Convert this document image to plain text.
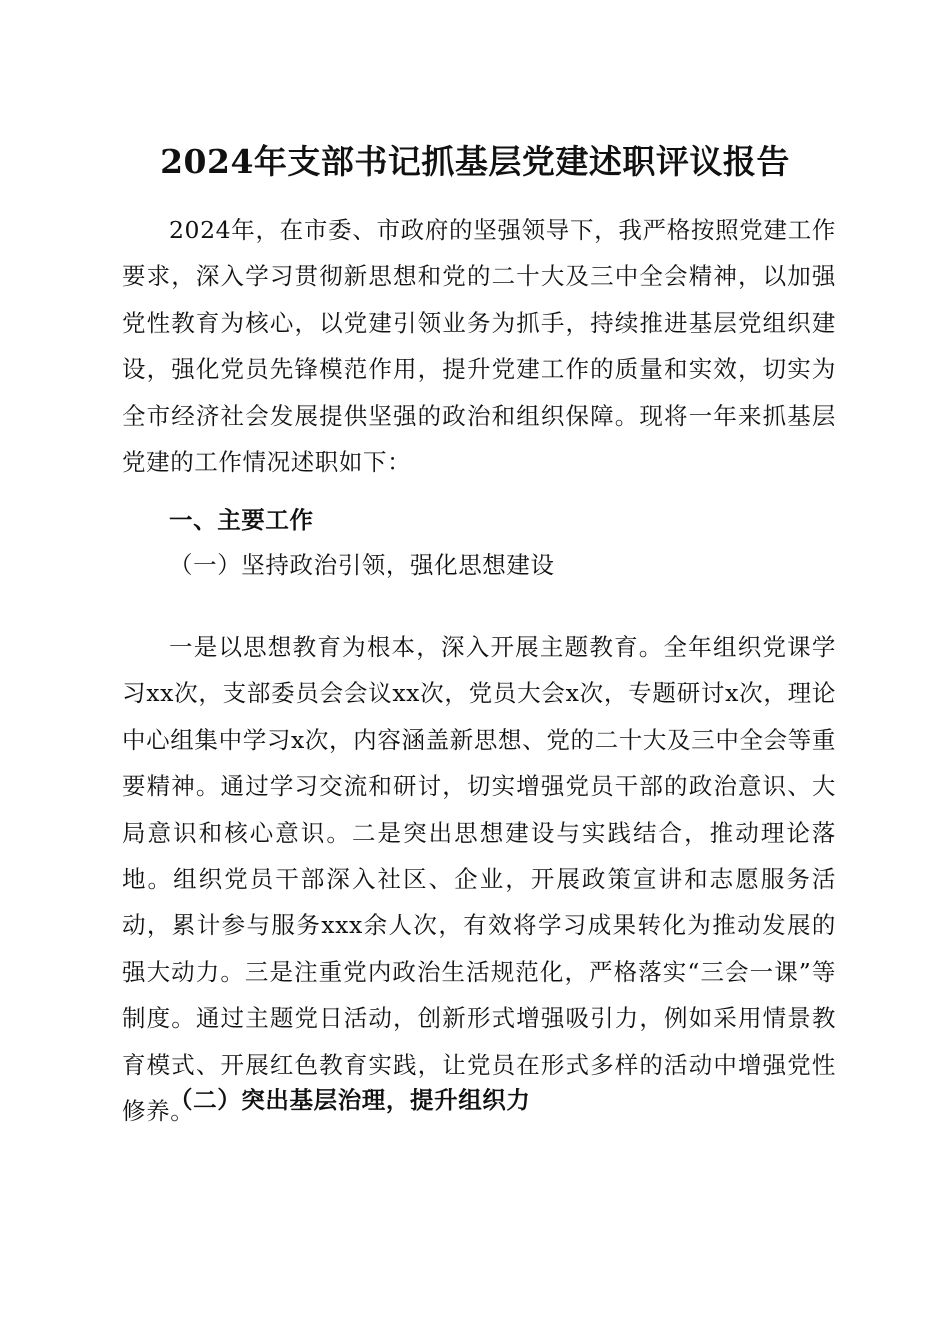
2024年支部书记抓基层党建述职评议报告

2024年，在市委、市政府的坚强领导下，我严格按照党建工作要求，深入学习贯彻新思想和党的二十大及三中全会精神，以加强党性教育为核心，以党建引领业务为抓手，持续推进基层党组织建设，强化党员先锋模范作用，提升党建工作的质量和实效，切实为全市经济社会发展提供坚强的政治和组织保障。现将一年来抓基层党建的工作情况述职如下：

一、主要工作

（一）坚持政治引领，强化思想建设

一是以思想教育为根本，深入开展主题教育。全年组织党课学习xx次，支部委员会会议xx次，党员大会x次，专题研讨x次，理论中心组集中学习x次，内容涵盖新思想、党的二十大及三中全会等重要精神。通过学习交流和研讨，切实增强党员干部的政治意识、大局意识和核心意识。二是突出思想建设与实践结合，推动理论落地。组织党员干部深入社区、企业，开展政策宣讲和志愿服务活动，累计参与服务xxx余人次，有效将学习成果转化为推动发展的强大动力。三是注重党内政治生活规范化，严格落实“三会一课”等制度。通过主题党日活动，创新形式增强吸引力，例如采用情景教育模式、开展红色教育实践，让党员在形式多样的活动中增强党性修养。

（二）突出基层治理，提升组织力
